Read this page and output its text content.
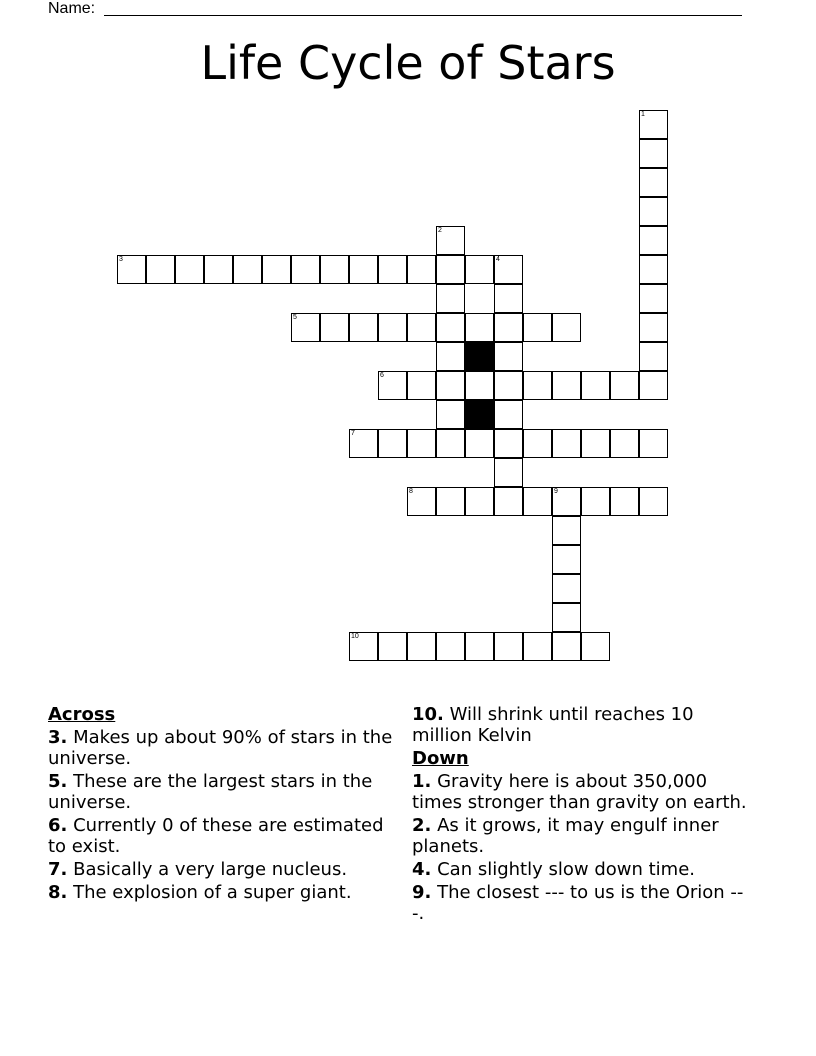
Name:
Life Cycle of Stars
1
2
3	4
5
6
7
8	9
10
Across
3. Makes up about 90% of stars in the universe.
5. These are the largest stars in the universe.
6. Currently 0 of these are estimated to exist.
7. Basically a very large nucleus.
8. The explosion of a super giant.
10. Will shrink until reaches 10 million Kelvin
Down
1. Gravity here is about 350,000 times stronger than gravity on earth.
2. As it grows, it may engulf inner planets.
4. Can slightly slow down time.
9. The closest --- to us is the Orion ---.
